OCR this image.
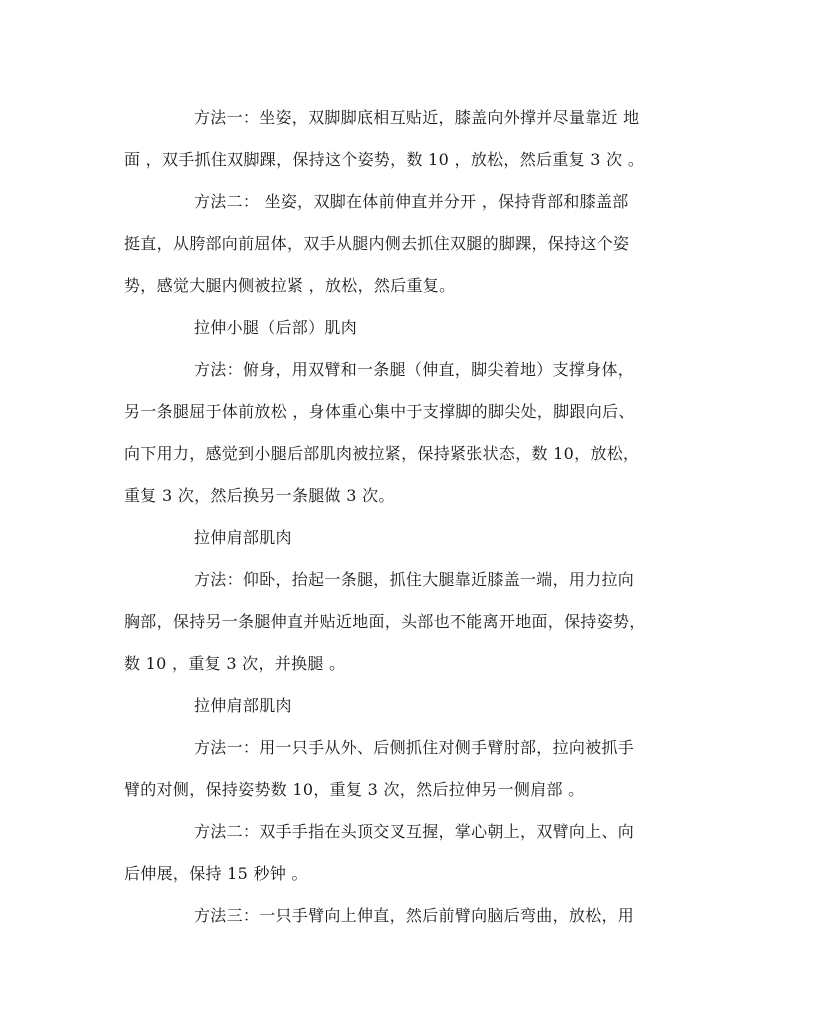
方法一：坐姿，双脚脚底相互贴近，膝盖向外撑并尽量靠近 地

面 ，双手抓住双脚踝，保持这个姿势，数 10 ，放松，然后重复 3 次 。

方法二： 坐姿，双脚在体前伸直并分开 ，保持背部和膝盖部

挺直，从胯部向前屈体，双手从腿内侧去抓住双腿的脚踝，保持这个姿

势，感觉大腿内侧被拉紧 ，放松，然后重复。

拉伸小腿（后部）肌肉

方法：俯身，用双臂和一条腿（伸直，脚尖着地）支撑身体，

另一条腿屈于体前放松 ，身体重心集中于支撑脚的脚尖处，脚跟向后、

向下用力，感觉到小腿后部肌肉被拉紧，保持紧张状态，数 10，放松，

重复 3 次，然后换另一条腿做 3 次。

拉伸肩部肌肉

方法：仰卧，抬起一条腿，抓住大腿靠近膝盖一端，用力拉向

胸部，保持另一条腿伸直并贴近地面，头部也不能离开地面，保持姿势，

数 10 ，重复 3 次，并换腿 。

拉伸肩部肌肉

方法一：用一只手从外、后侧抓住对侧手臂肘部，拉向被抓手

臂的对侧，保持姿势数 10，重复 3 次，然后拉伸另一侧肩部 。

方法二：双手手指在头顶交叉互握，掌心朝上，双臂向上、向

后伸展，保持 15 秒钟 。

方法三：一只手臂向上伸直，然后前臂向脑后弯曲，放松，用
